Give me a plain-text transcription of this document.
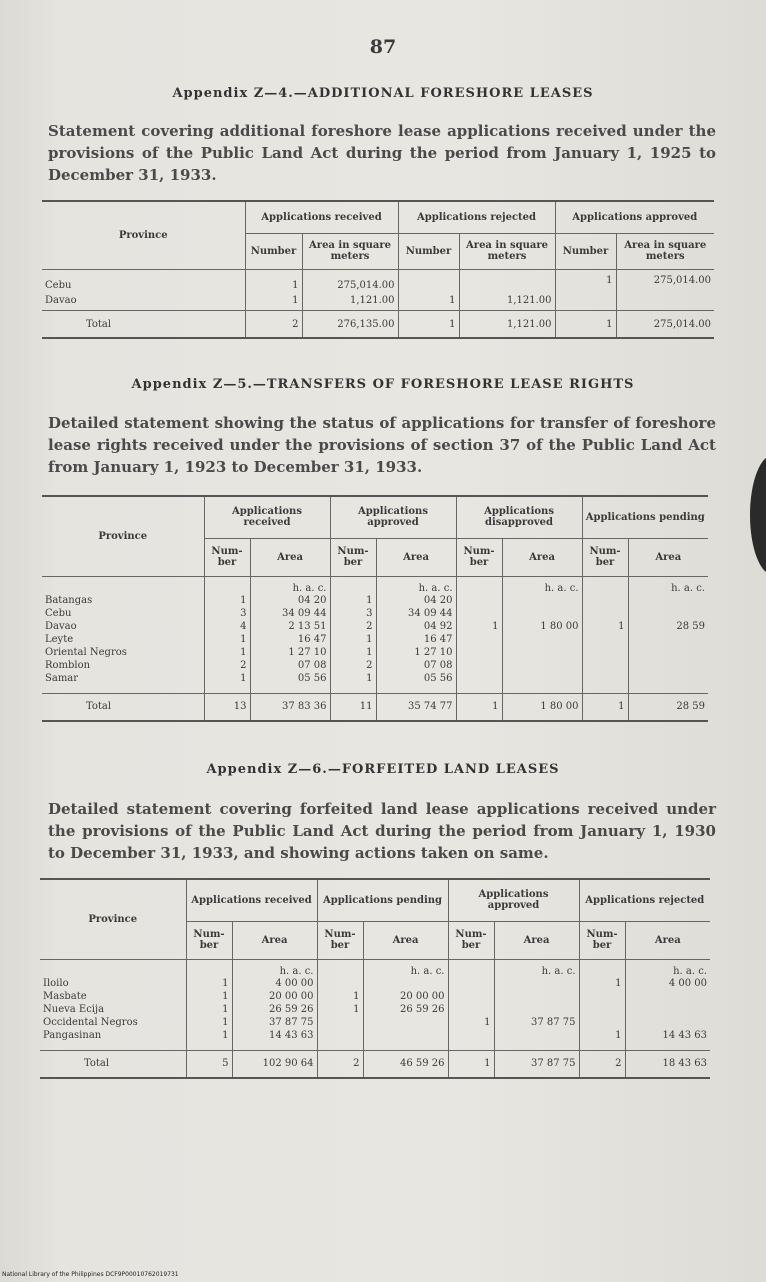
87
Appendix Z—4.—ADDITIONAL FORESHORE LEASES
Statement covering additional foreshore lease applications received under the provisions of the Public Land Act during the period from January 1, 1925 to December 31, 1933.
Province	Applications received		Applications rejected		Applications approved	
	Number	Area in square meters	Number	Area in square meters	Number	Area in square meters
Cebu	1	275,014.00			1	275,014.00
Davao	1	1,121.00	1	1,121.00		
Total	2	276,135.00	1	1,121.00	1	275,014.00
Appendix Z—5.—TRANSFERS OF FORESHORE LEASE RIGHTS
Detailed statement showing the status of applications for transfer of foreshore lease rights received under the provisions of section 37 of the Public Land Act from January 1, 1923 to December 31, 1933.
Province	Applications received		Applications approved		Applications disapproved		Applications pending	
	Num-ber	Area	Num-ber	Area	Num-ber	Area	Num-ber	Area
		h. a. c.		h. a. c.		h. a. c.		h. a. c.
Batangas	1	04 20	1	04 20				
Cebu	3	34 09 44	3	34 09 44				
Davao	4	2 13 51	2	04 92	1	1 80 00	1	28 59
Leyte	1	16 47	1	16 47				
Oriental Negros	1	1 27 10	1	1 27 10				
Romblon	2	07 08	2	07 08				
Samar	1	05 56	1	05 56				

Total	13	37 83 36	11	35 74 77	1	1 80 00	1	28 59
Appendix Z—6.—FORFEITED LAND LEASES
Detailed statement covering forfeited land lease applications received under the provisions of the Public Land Act during the period from January 1, 1930 to December 31, 1933, and showing actions taken on same.
Province	Applications received		Applications pending		Applications approved		Applications rejected	
	Num-ber	Area	Num-ber	Area	Num-ber	Area	Num-ber	Area
		h. a. c.		h. a. c.		h. a. c.		h. a. c.
Iloilo	1	4 00 00					1	4 00 00
Masbate	1	20 00 00	1	20 00 00				
Nueva Ecija	1	26 59 26	1	26 59 26				
Occidental Negros	1	37 87 75			1	37 87 75		
Pangasinan	1	14 43 63					1	14 43 63

Total	5	102 90 64	2	46 59 26	1	37 87 75	2	18 43 63
National Library of the Philippines DCF9P00010762019731
